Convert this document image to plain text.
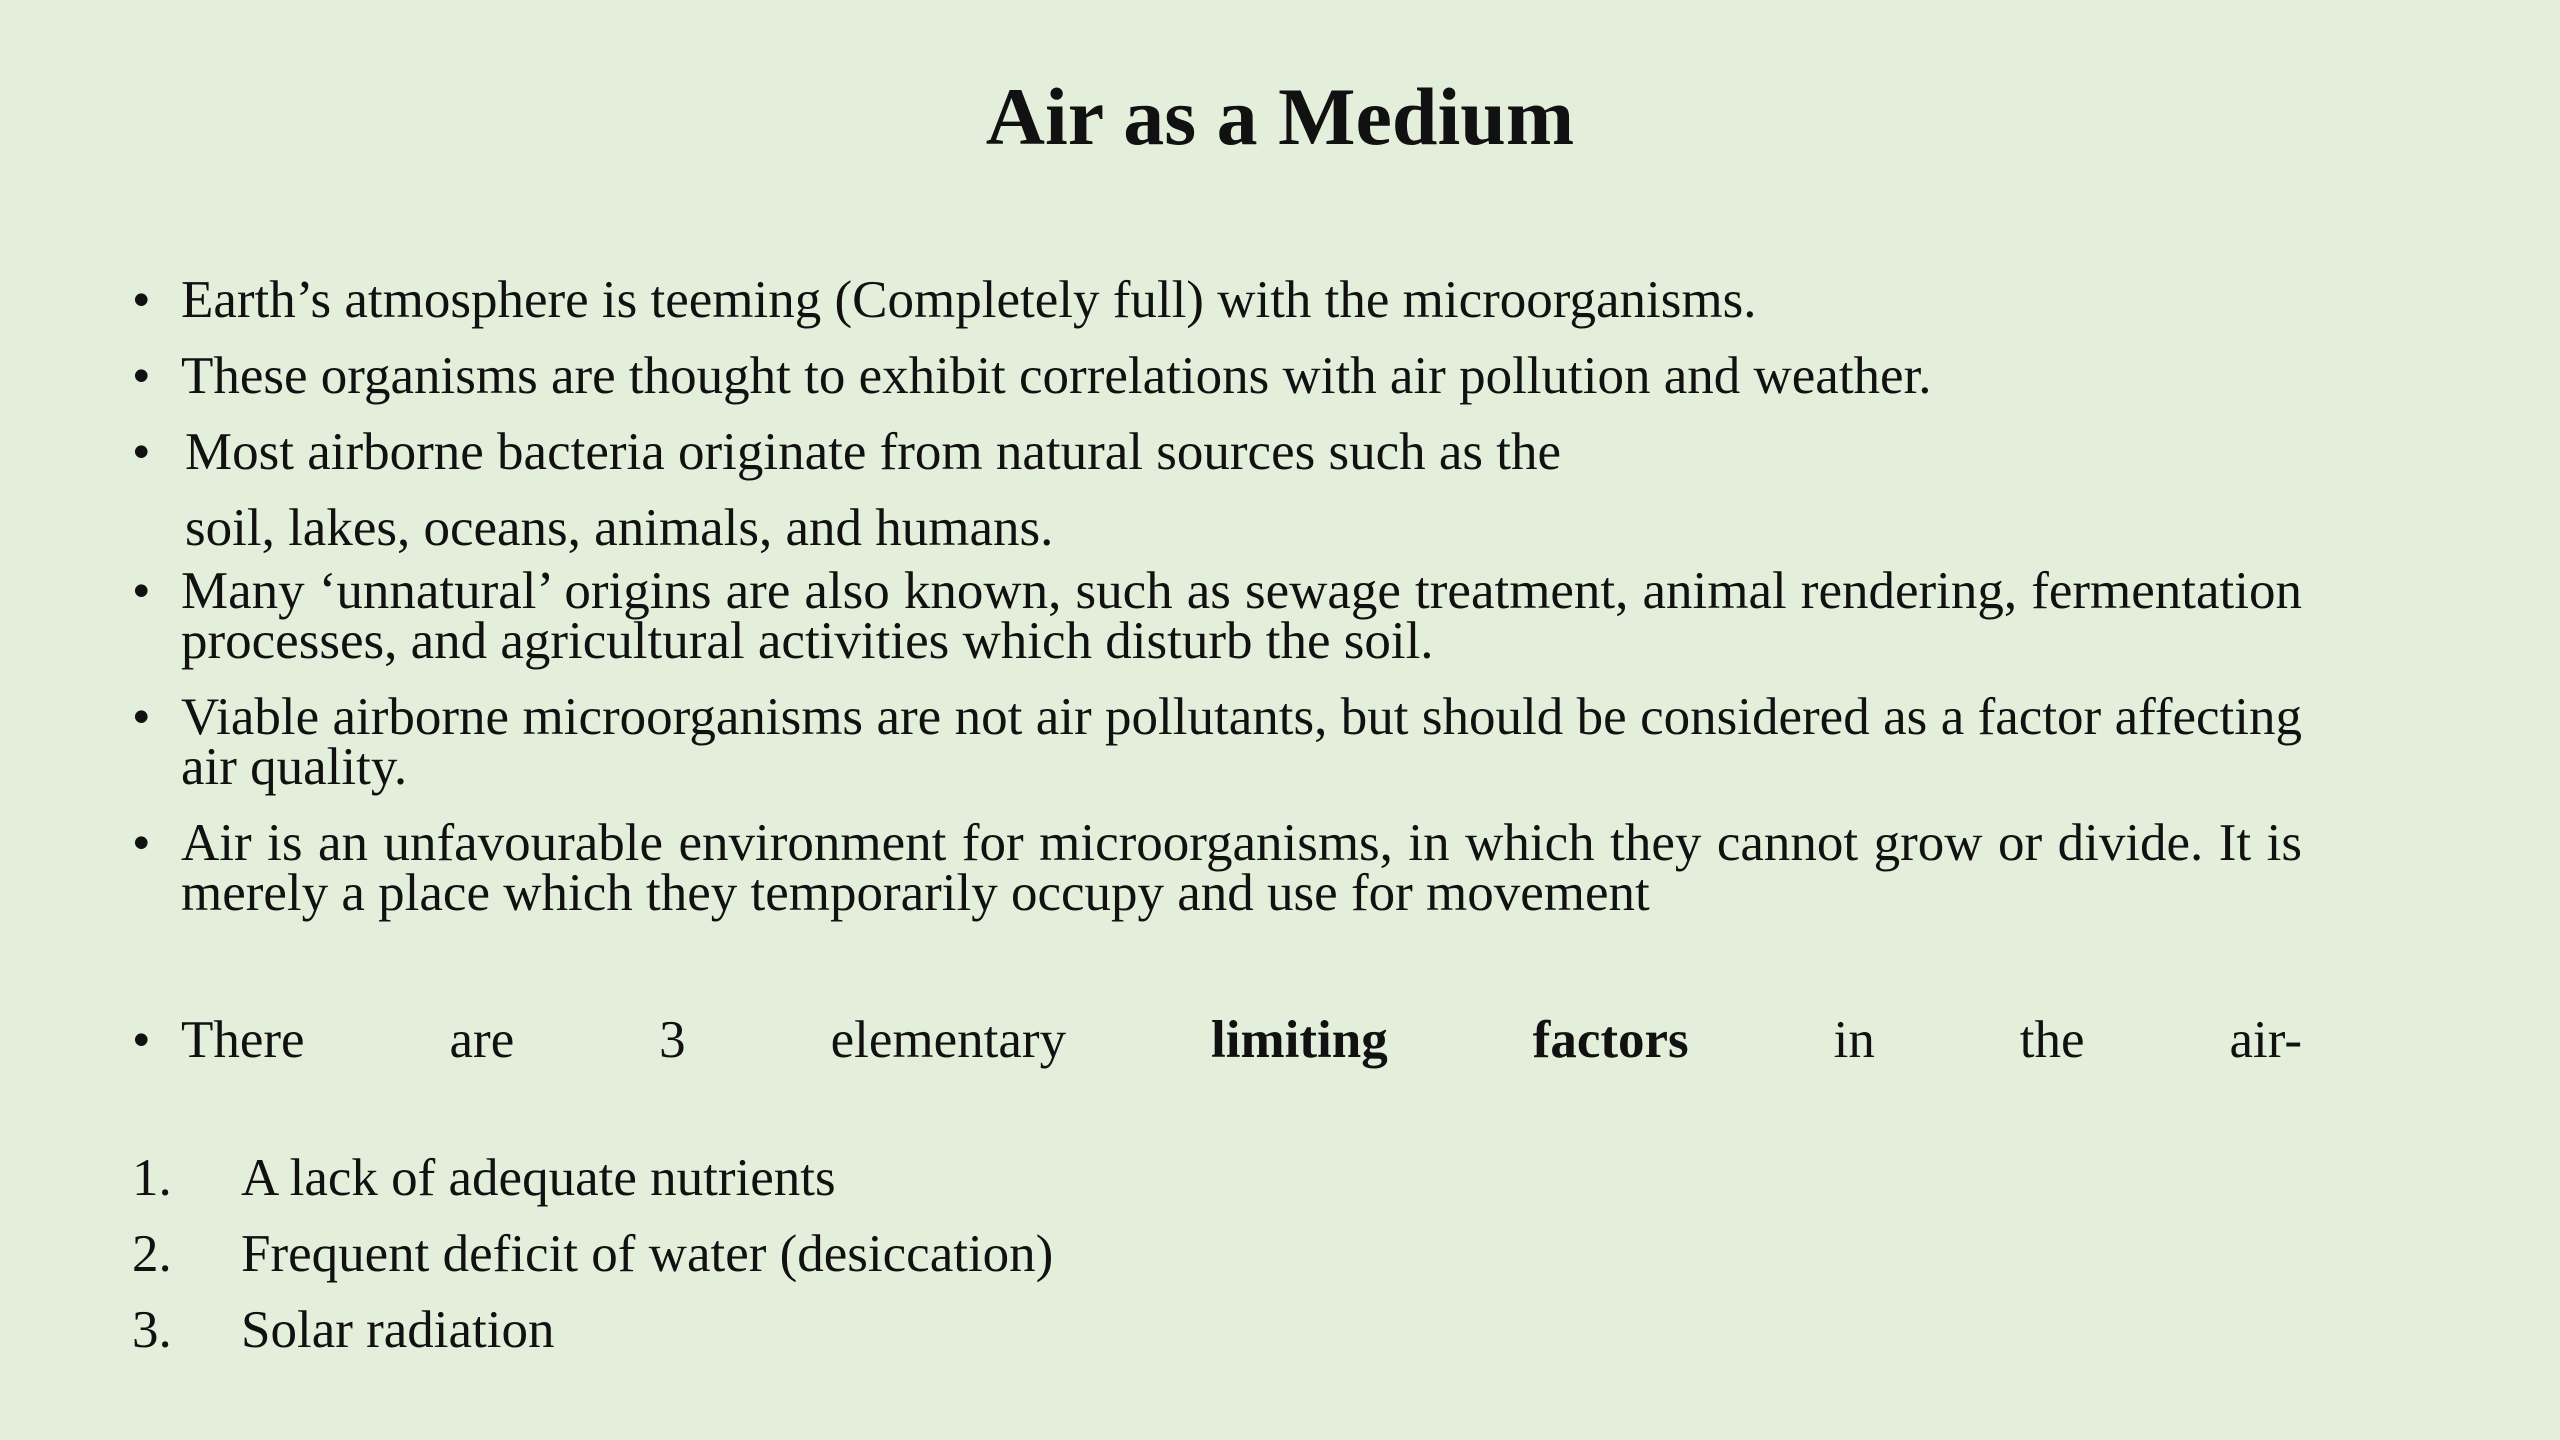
Air as a Medium
• Earth’s atmosphere is teeming (Completely full) with the microorganisms.
• These organisms are thought to exhibit correlations with air pollution and weather.
• Most airborne bacteria originate from natural sources such as the
soil, lakes, oceans, animals, and humans.
• Many ‘unnatural’ origins are also known, such as sewage treatment, animal rendering, fermentation processes, and agricultural activities which disturb the soil.
• Viable airborne microorganisms are not air pollutants, but should be considered as a factor affecting air quality.
• Air is an unfavourable environment for microorganisms, in which they cannot grow or divide. It is merely a place which they temporarily occupy and use for movement
• There are 3 elementary	limiting factors	in the air-
1. A lack of adequate nutrients
2. Frequent deficit of water (desiccation)
3. Solar radiation
